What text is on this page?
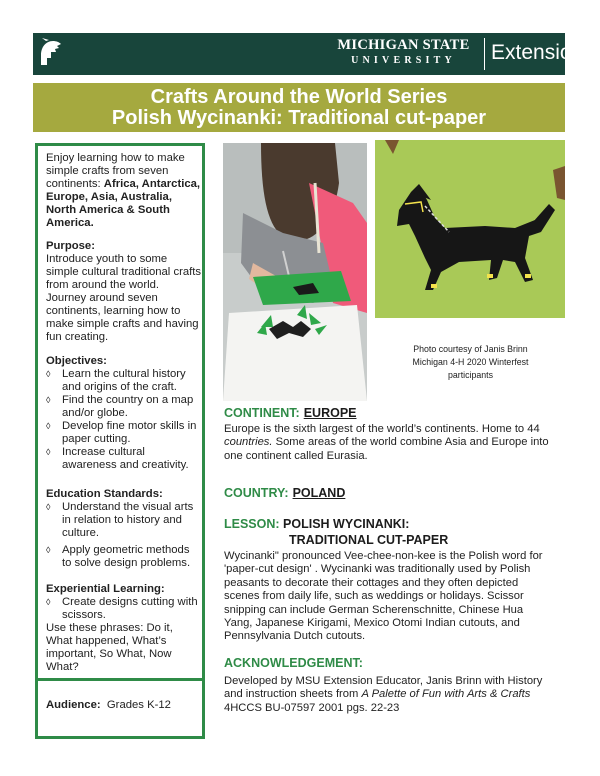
MICHIGAN STATE
UNIVERSITY	Extension
Crafts Around the World Series
Polish Wycinanki: Traditional cut-paper
Enjoy learning how to make simple crafts from seven continents: Africa, Antarctica, Europe, Asia, Australia, North America & South America.
Purpose:
Introduce youth to some simple cultural traditional crafts from around the world. Journey around seven continents, learning how to make simple crafts and having fun creating.
Objectives:
◊ Learn the cultural history and origins of the craft.
◊ Find the country on a map and/or globe.
◊ Develop fine motor skills in paper cutting.
◊ Increase cultural awareness and creativity.
Education Standards:
◊ Understand the visual arts in relation to history and culture.
◊ Apply geometric methods to solve design problems.
Experiential Learning:
◊ Create designs cutting with scissors.
Use these phrases: Do it, What happened, What’s important, So What, Now What?
Audience: Grades K-12
Photo courtesy of Janis Brinn
Michigan 4-H 2020 Winterfest
participants
CONTINENT: EUROPE
Europe is the sixth largest of the world’s continents. Home to 44 countries. Some areas of the world combine Asia and Europe into one continent called Eurasia.
COUNTRY: POLAND
LESSON: POLISH WYCINANKI:
TRADITIONAL CUT-PAPER
Wycinanki" pronounced Vee-chee-non-kee is the Polish word for 'paper-cut design' . Wycinanki was traditionally used by Polish peasants to decorate their cottages and they often depicted scenes from daily life, such as weddings or holidays. Scissor snipping can include German Scherenschnitte, Chinese Hua Yang, Japanese Kirigami, Mexico Otomi Indian cutouts, and Pennsylvania Dutch cutouts.
ACKNOWLEDGEMENT:
Developed by MSU Extension Educator, Janis Brinn with History and instruction sheets from A Palette of Fun with Arts & Crafts 4HCCS BU-07597 2001 pgs. 22-23
